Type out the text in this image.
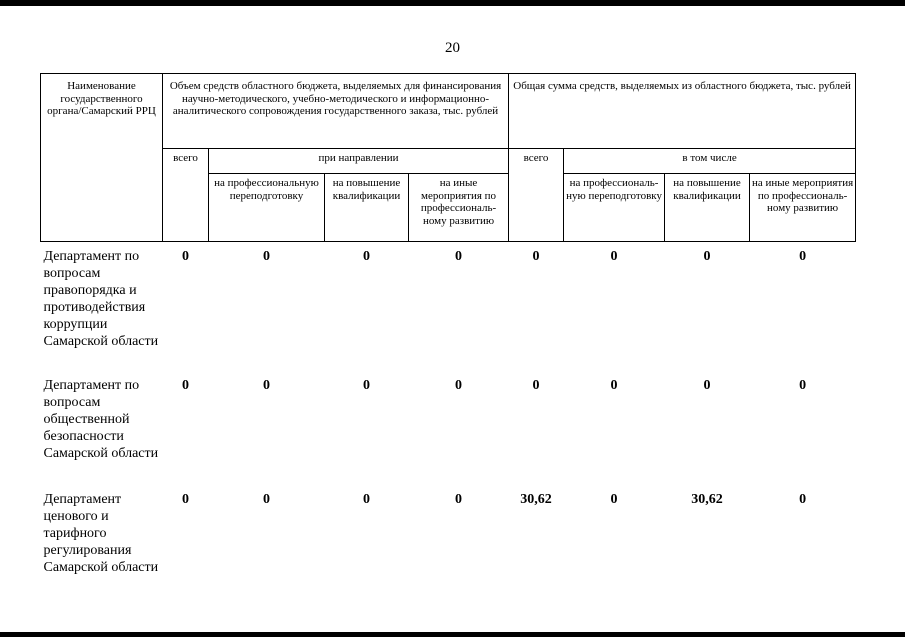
20
Наименование государственного органа/Самарский РРЦ	Объем средств областного бюджета, выделяемых для финансирования научно-методического, учебно-методического и информационно-аналитического сопровождения государственного заказа, тыс. рублей				Общая сумма средств, выделяемых из областного бюджета, тыс. рублей			
	всего	при направлении			всего	в том числе		
		на профессиональную переподготовку	на повышение квалификации	на иные мероприятия по профессиональ-ному развитию		на профессиональ-ную переподготовку	на повышение квалификации	на иные мероприятия по профессиональ-ному развитию
Департамент по вопросам правопорядка и противодействия коррупции Самарской области	0	0	0	0	0	0	0	0
Департамент по вопросам общественной безопасности Самарской области	0	0	0	0	0	0	0	0
Департамент ценового и тарифного регулирования Самарской области	0	0	0	0	30,62	0	30,62	0
